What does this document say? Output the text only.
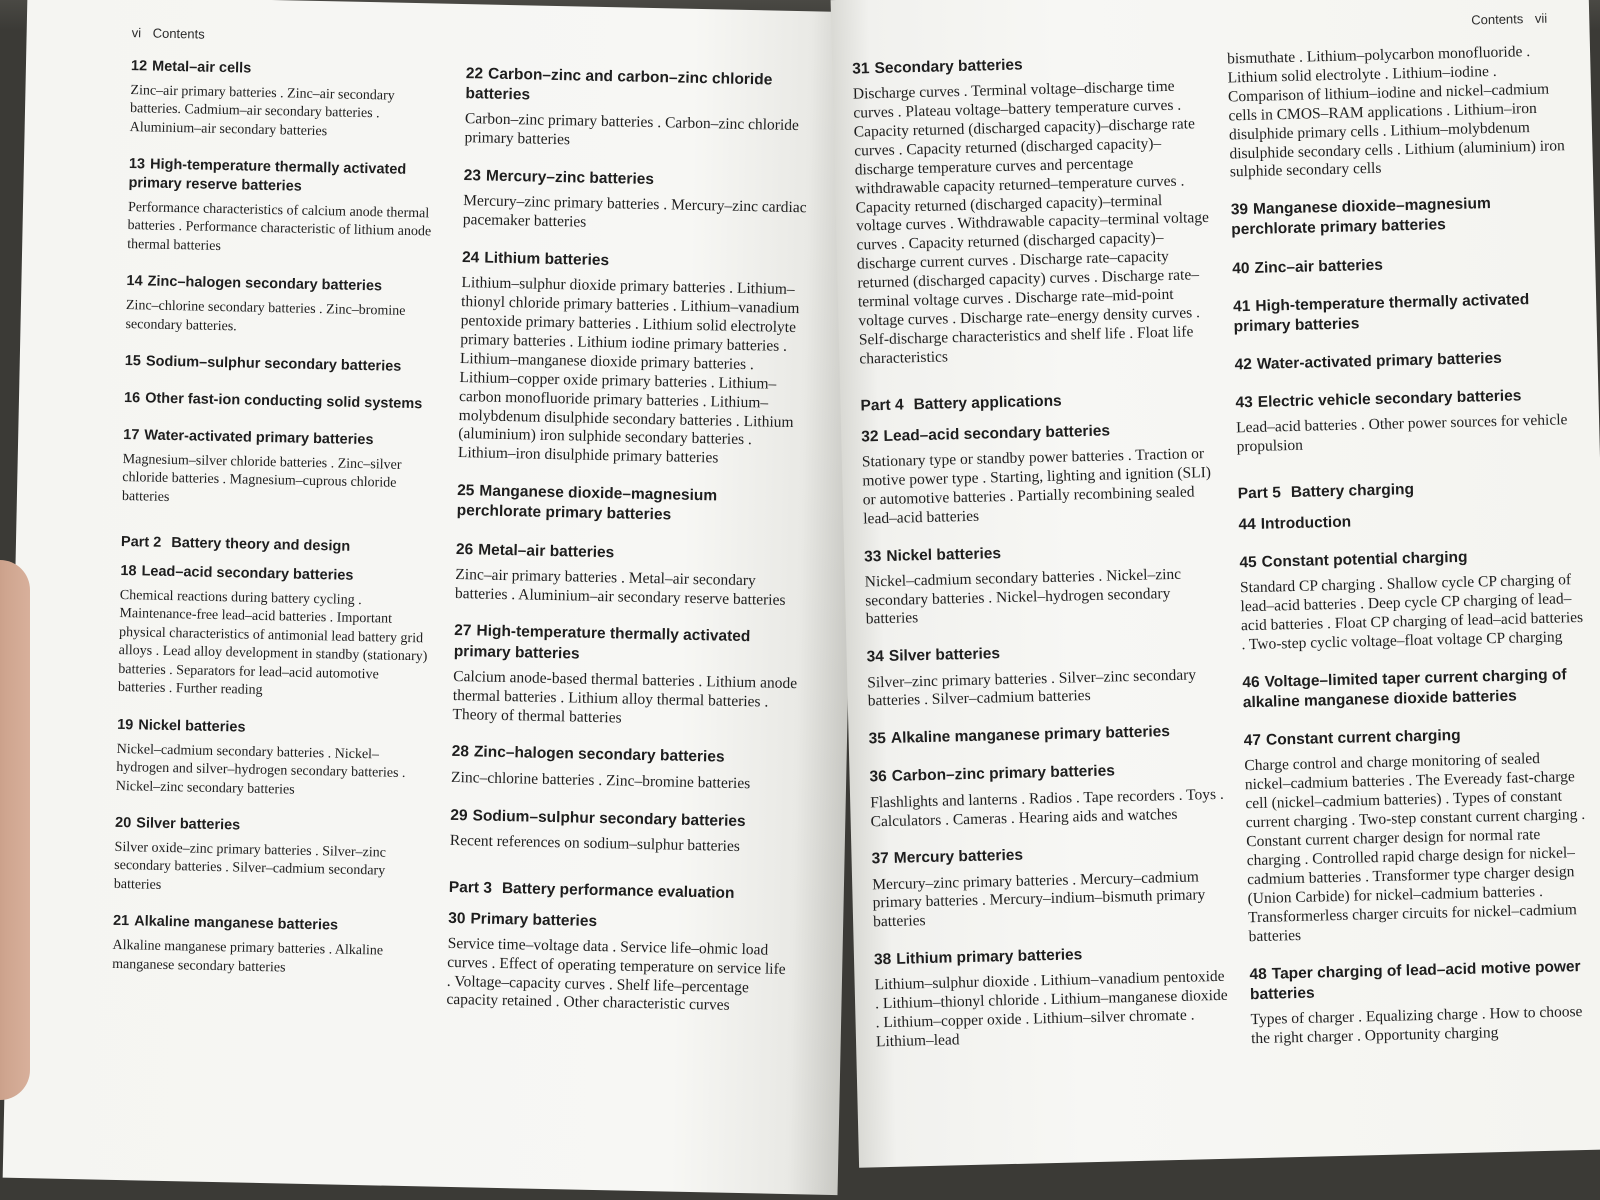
vi Contents
12 Metal–air cells

Zinc–air primary batteries . Zinc–air secondary batteries. Cadmium–air secondary batteries . Aluminium–air secondary batteries

13 High-temperature thermally activated primary reserve batteries

Performance characteristics of calcium anode thermal batteries . Performance characteristic of lithium anode thermal batteries

14 Zinc–halogen secondary batteries

Zinc–chlorine secondary batteries . Zinc–bromine secondary batteries.

15 Sodium–sulphur secondary batteries
16 Other fast-ion conducting solid systems
17 Water-activated primary batteries

Magnesium–silver chloride batteries . Zinc–silver chloride batteries . Magnesium–cuprous chloride batteries

Part 2 Battery theory and design
18 Lead–acid secondary batteries

Chemical reactions during battery cycling . Maintenance-free lead–acid batteries . Important physical characteristics of antimonial lead battery grid alloys . Lead alloy development in standby (stationary) batteries . Separators for lead–acid automotive batteries . Further reading

19 Nickel batteries

Nickel–cadmium secondary batteries . Nickel–hydrogen and silver–hydrogen secondary batteries . Nickel–zinc secondary batteries

20 Silver batteries

Silver oxide–zinc primary batteries . Silver–zinc secondary batteries . Silver–cadmium secondary batteries

21 Alkaline manganese batteries

Alkaline manganese primary batteries . Alkaline manganese secondary batteries

22 Carbon–zinc and carbon–zinc chloride batteries

Carbon–zinc primary batteries . Carbon–zinc chloride primary batteries

23 Mercury–zinc batteries

Mercury–zinc primary batteries . Mercury–zinc cardiac pacemaker batteries

24 Lithium batteries

Lithium–sulphur dioxide primary batteries . Lithium–thionyl chloride primary batteries . Lithium–vanadium pentoxide primary batteries . Lithium solid electrolyte primary batteries . Lithium iodine primary batteries . Lithium–manganese dioxide primary batteries . Lithium–copper oxide primary batteries . Lithium–carbon monofluoride primary batteries . Lithium–molybdenum disulphide secondary batteries . Lithium (aluminium) iron sulphide secondary batteries . Lithium–iron disulphide primary batteries

25 Manganese dioxide–magnesium perchlorate primary batteries
26 Metal–air batteries

Zinc–air primary batteries . Metal–air secondary batteries . Aluminium–air secondary reserve batteries

27 High-temperature thermally activated primary batteries

Calcium anode-based thermal batteries . Lithium anode thermal batteries . Lithium alloy thermal batteries . Theory of thermal batteries

28 Zinc–halogen secondary batteries

Zinc–chlorine batteries . Zinc–bromine batteries

29 Sodium–sulphur secondary batteries

Recent references on sodium–sulphur batteries

Part 3 Battery performance evaluation
30 Primary batteries

Service time–voltage data . Service life–ohmic load curves . Effect of operating temperature on service life . Voltage–capacity curves . Shelf life–percentage capacity retained . Other characteristic curves

Contents vii
31 Secondary batteries

Discharge curves . Terminal voltage–discharge time curves . Plateau voltage–battery temperature curves . Capacity returned (discharged capacity)–discharge rate curves . Capacity returned (discharged capacity)–discharge temperature curves and percentage withdrawable capacity returned–temperature curves . Capacity returned (discharged capacity)–terminal voltage curves . Withdrawable capacity–terminal voltage curves . Capacity returned (discharged capacity)–discharge current curves . Discharge rate–capacity returned (discharged capacity) curves . Discharge rate–terminal voltage curves . Discharge rate–mid-point voltage curves . Discharge rate–energy density curves . Self-discharge characteristics and shelf life . Float life characteristics

Part 4 Battery applications
32 Lead–acid secondary batteries

Stationary type or standby power batteries . Traction or motive power type . Starting, lighting and ignition (SLI) or automotive batteries . Partially recombining sealed lead–acid batteries

33 Nickel batteries

Nickel–cadmium secondary batteries . Nickel–zinc secondary batteries . Nickel–hydrogen secondary batteries

34 Silver batteries

Silver–zinc primary batteries . Silver–zinc secondary batteries . Silver–cadmium batteries

35 Alkaline manganese primary batteries
36 Carbon–zinc primary batteries

Flashlights and lanterns . Radios . Tape recorders . Toys . Calculators . Cameras . Hearing aids and watches

37 Mercury batteries

Mercury–zinc primary batteries . Mercury–cadmium primary batteries . Mercury–indium–bismuth primary batteries

38 Lithium primary batteries

Lithium–sulphur dioxide . Lithium–vanadium pentoxide . Lithium–thionyl chloride . Lithium–manganese dioxide . Lithium–copper oxide . Lithium–silver chromate . Lithium–lead

bismuthate . Lithium–polycarbon monofluoride . Lithium solid electrolyte . Lithium–iodine . Comparison of lithium–iodine and nickel–cadmium cells in CMOS–RAM applications . Lithium–iron disulphide primary cells . Lithium–molybdenum disulphide secondary cells . Lithium (aluminium) iron sulphide secondary cells

39 Manganese dioxide–magnesium perchlorate primary batteries
40 Zinc–air batteries
41 High-temperature thermally activated primary batteries
42 Water-activated primary batteries
43 Electric vehicle secondary batteries

Lead–acid batteries . Other power sources for vehicle propulsion

Part 5 Battery charging
44 Introduction
45 Constant potential charging

Standard CP charging . Shallow cycle CP charging of lead–acid batteries . Deep cycle CP charging of lead–acid batteries . Float CP charging of lead–acid batteries . Two-step cyclic voltage–float voltage CP charging

46 Voltage–limited taper current charging of alkaline manganese dioxide batteries
47 Constant current charging

Charge control and charge monitoring of sealed nickel–cadmium batteries . The Eveready fast-charge cell (nickel–cadmium batteries) . Types of constant current charging . Two-step constant current charging . Constant current charger design for normal rate charging . Controlled rapid charge design for nickel–cadmium batteries . Transformer type charger design (Union Carbide) for nickel–cadmium batteries . Transformerless charger circuits for nickel–cadmium batteries

48 Taper charging of lead–acid motive power batteries

Types of charger . Equalizing charge . How to choose the right charger . Opportunity charging
